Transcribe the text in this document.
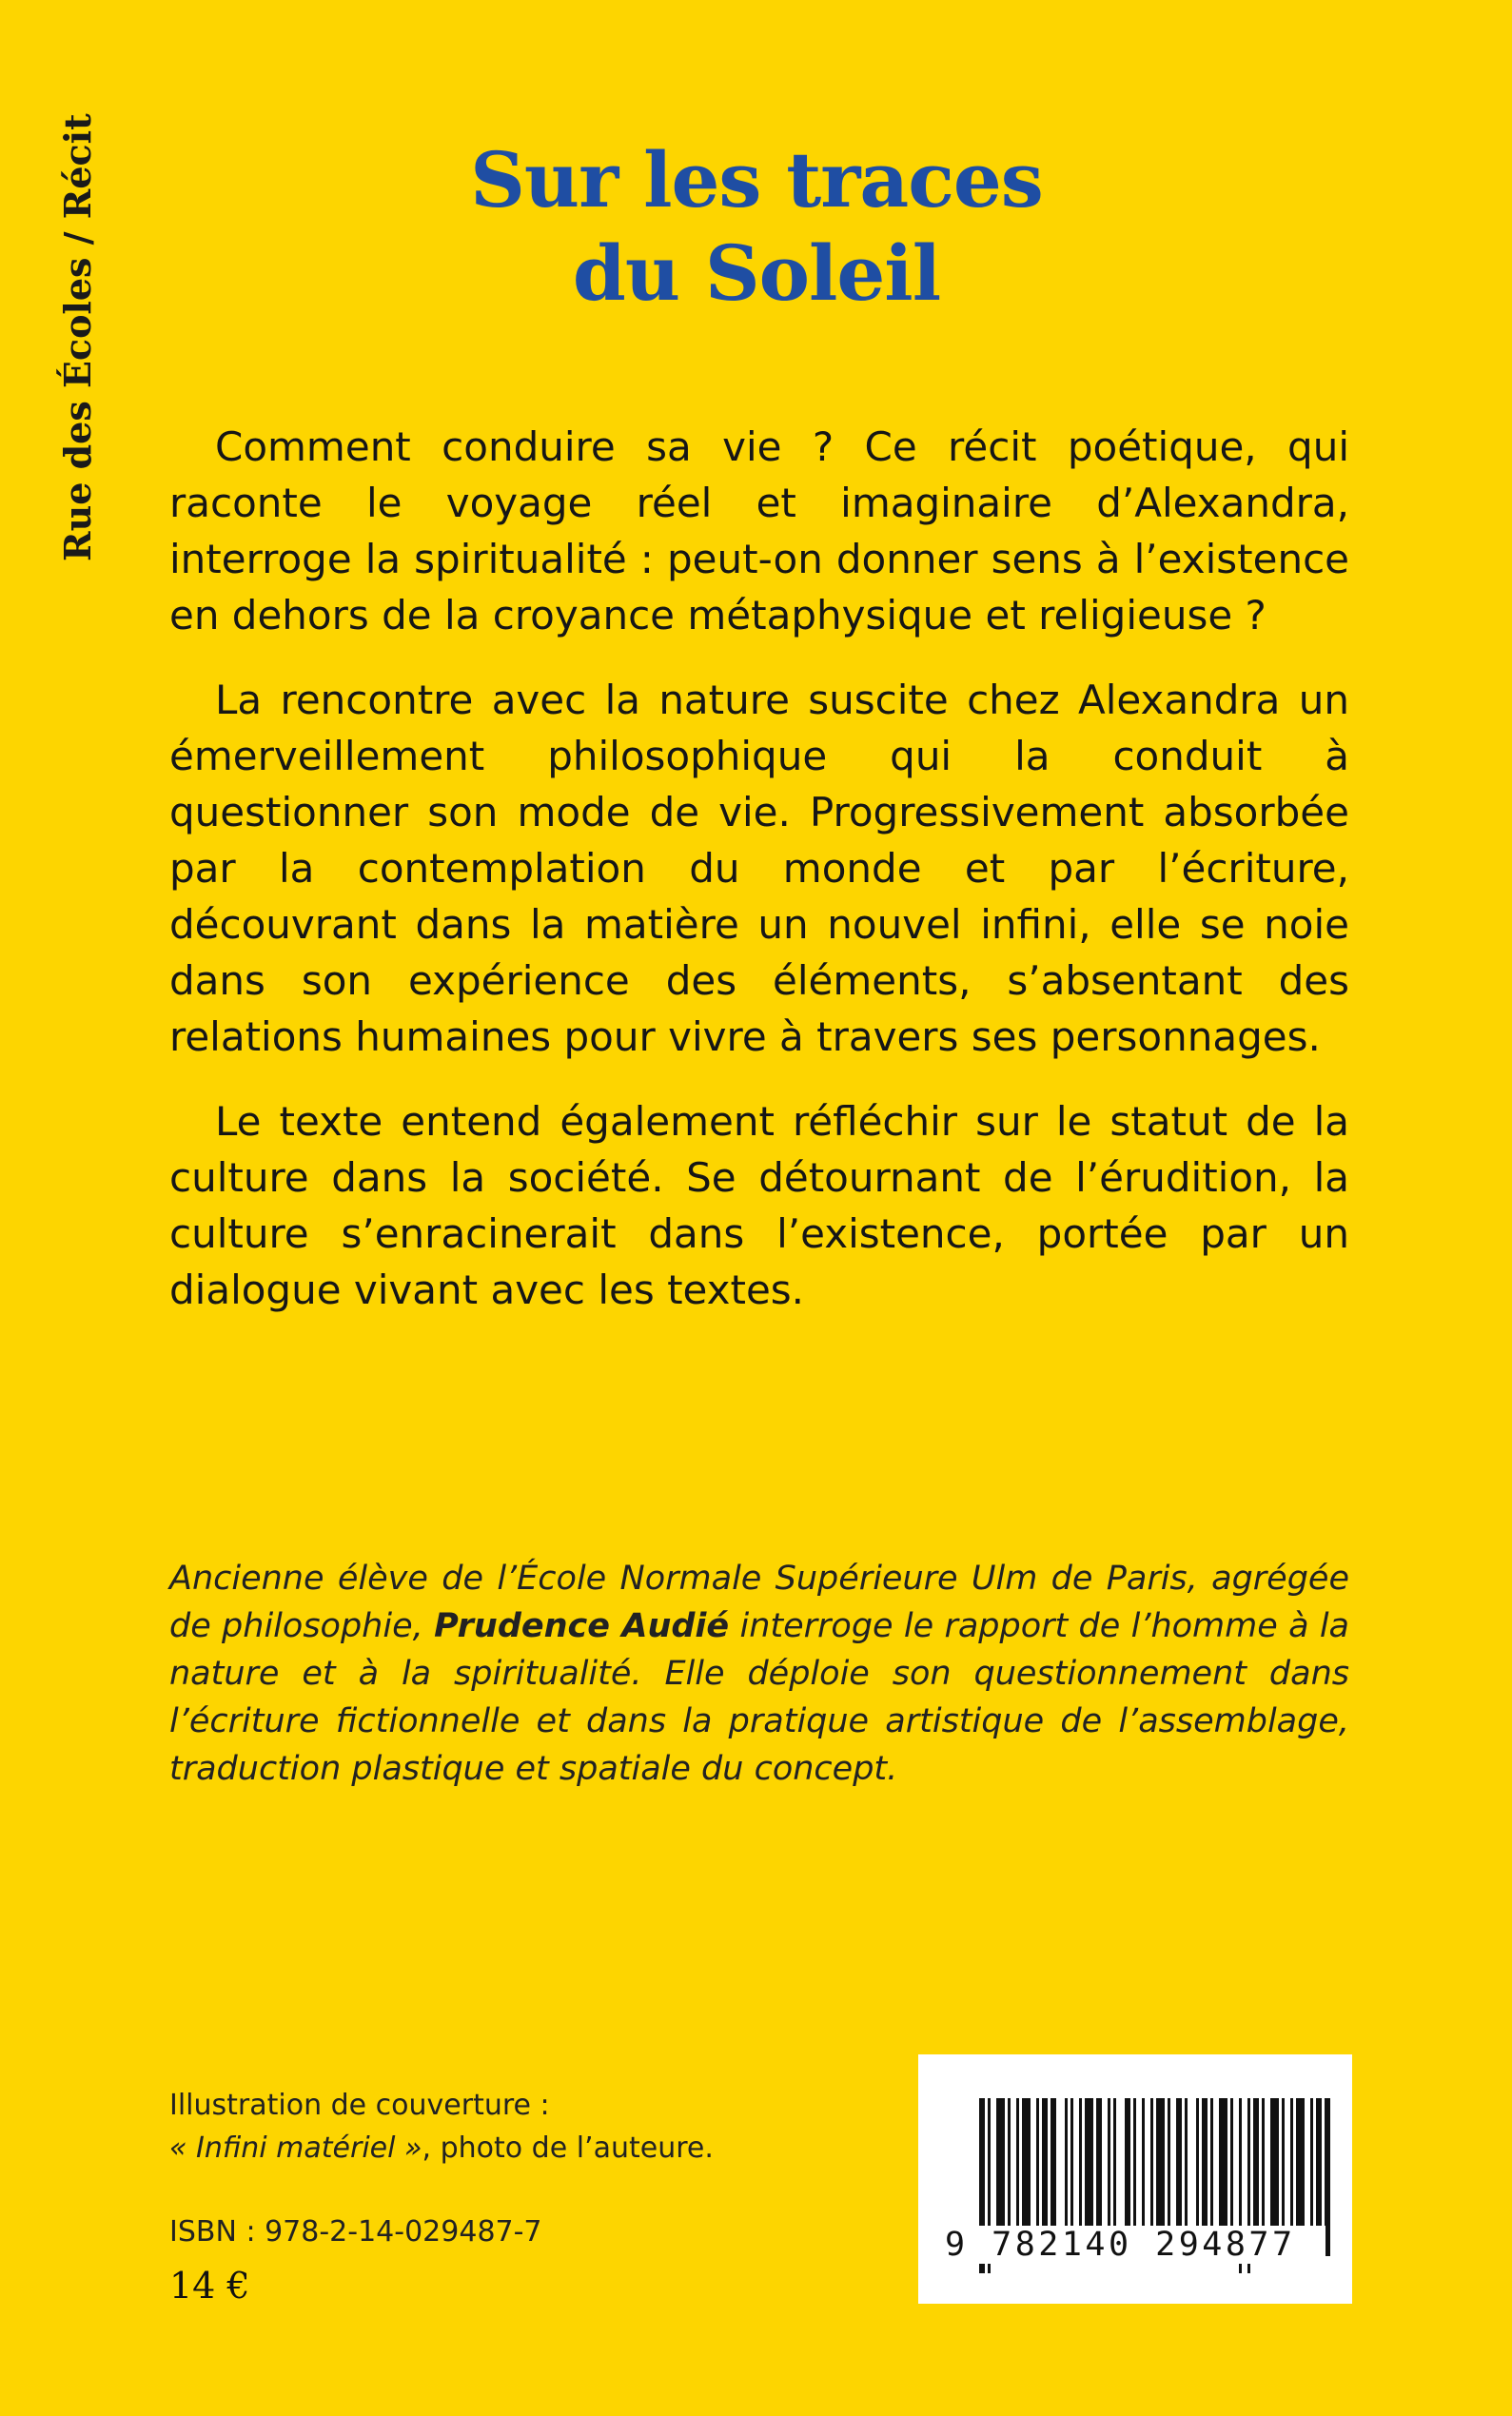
Rue des Écoles / Récit	Sur les traces
du Soleil

Comment conduire sa vie ? Ce récit poétique, qui raconte le voyage réel et imaginaire d’Alexandra, interroge la spiritualité : peut-on donner sens à l’existence en dehors de la croyance métaphysique et religieuse ?

La rencontre avec la nature suscite chez Alexandra un émerveillement philosophique qui la conduit à questionner son mode de vie. Progressivement absorbée par la contemplation du monde et par l’écriture, découvrant dans la matière un nouvel infini, elle se noie dans son expérience des éléments, s’absentant des relations humaines pour vivre à travers ses personnages.

Le texte entend également réfléchir sur le statut de la culture dans la société. Se détournant de l’érudition, la culture s’enracinerait dans l’existence, portée par un dialogue vivant avec les textes.

Ancienne élève de l’École Normale Supérieure Ulm de Paris, agrégée de philosophie, Prudence Audié interroge le rapport de l’homme à la nature et à la spiritualité. Elle déploie son questionnement dans l’écriture fictionnelle et dans la pratique artistique de l’assemblage, traduction plastique et spatiale du concept.
Illustration de couverture :
« Infini matériel », photo de l’auteure.
ISBN : 978-2-14-029487-7
14 €
9 782140 294877
